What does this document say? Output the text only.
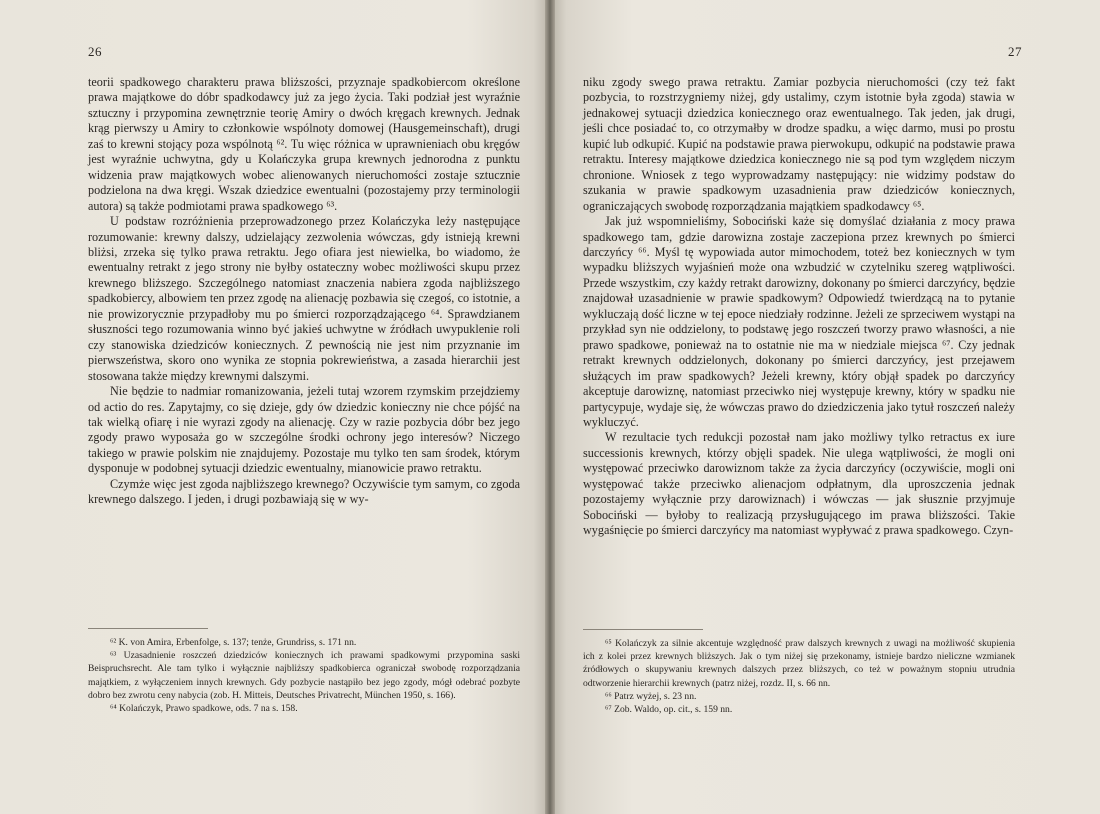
26

teorii spadkowego charakteru prawa bliższości, przyznaje spadkobiercom określone prawa majątkowe do dóbr spadkodawcy już za jego życia. Taki podział jest wyraźnie sztuczny i przypomina zewnętrznie teorię Amiry o dwóch kręgach krewnych. Jednak krąg pierwszy u Amiry to członkowie wspólnoty domowej (Hausgemeinschaft), drugi zaś to krewni stojący poza wspólnotą ⁶². Tu więc różnica w uprawnieniach obu kręgów jest wyraźnie uchwytna, gdy u Kolańczyka grupa krewnych jednorodna z punktu widzenia praw majątkowych wobec alienowanych nieruchomości zostaje sztucznie podzielona na dwa kręgi. Wszak dziedzice ewentualni (pozostajemy przy terminologii autora) są także podmiotami prawa spadkowego ⁶³.

U podstaw rozróżnienia przeprowadzonego przez Kolańczyka leży następujące rozumowanie: krewny dalszy, udzielający zezwolenia wówczas, gdy istnieją krewni bliżsi, zrzeka się tylko prawa retraktu. Jego ofiara jest niewielka, bo wiadomo, że ewentualny retrakt z jego strony nie byłby ostateczny wobec możliwości skupu przez krewnego bliższego. Szczególnego natomiast znaczenia nabiera zgoda najbliższego spadkobiercy, albowiem ten przez zgodę na alienację pozbawia się czegoś, co istotnie, a nie prowizorycznie przypadłoby mu po śmierci rozporządzającego ⁶⁴. Sprawdzianem słuszności tego rozumowania winno być jakieś uchwytne w źródłach uwypuklenie roli czy stanowiska dziedziców koniecznych. Z pewnością nie jest nim przyznanie im pierwszeństwa, skoro ono wynika ze stopnia pokrewieństwa, a zasada hierarchii jest stosowana także między krewnymi dalszymi.

Nie będzie to nadmiar romanizowania, jeżeli tutaj wzorem rzymskim przejdziemy od actio do res. Zapytajmy, co się dzieje, gdy ów dziedzic konieczny nie chce pójść na tak wielką ofiarę i nie wyrazi zgody na alienację. Czy w razie pozbycia dóbr bez jego zgody prawo wyposaża go w szczególne środki ochrony jego interesów? Niczego takiego w prawie polskim nie znajdujemy. Pozostaje mu tylko ten sam środek, którym dysponuje w podobnej sytuacji dziedzic ewentualny, mianowicie prawo retraktu.

Czymże więc jest zgoda najbliższego krewnego? Oczywiście tym samym, co zgoda krewnego dalszego. I jeden, i drugi pozbawiają się w wy-

⁶² K. von Amira, Erbenfolge, s. 137; tenże, Grundriss, s. 171 nn.

⁶³ Uzasadnienie roszczeń dziedziców koniecznych ich prawami spadkowymi przypomina saski Beispruchsrecht. Ale tam tylko i wyłącznie najbliższy spadkobierca ograniczał swobodę rozporządzania majątkiem, z wyłączeniem innych krewnych. Gdy pozbycie nastąpiło bez jego zgody, mógł odebrać pozbyte dobro bez zwrotu ceny nabycia (zob. H. Mitteis, Deutsches Privatrecht, München 1950, s. 166).

⁶⁴ Kolańczyk, Prawo spadkowe, ods. 7 na s. 158.

27

niku zgody swego prawa retraktu. Zamiar pozbycia nieruchomości (czy też fakt pozbycia, to rozstrzygniemy niżej, gdy ustalimy, czym istotnie była zgoda) stawia w jednakowej sytuacji dziedzica koniecznego oraz ewentualnego. Tak jeden, jak drugi, jeśli chce posiadać to, co otrzymałby w drodze spadku, a więc darmo, musi po prostu kupić lub odkupić. Kupić na podstawie prawa pierwokupu, odkupić na podstawie prawa retraktu. Interesy majątkowe dziedzica koniecznego nie są pod tym względem niczym chronione. Wniosek z tego wyprowadzamy następujący: nie widzimy podstaw do szukania w prawie spadkowym uzasadnienia praw dziedziców koniecznych, ograniczających swobodę rozporządzania majątkiem spadkodawcy ⁶⁵.

Jak już wspomnieliśmy, Sobociński każe się domyślać działania z mocy prawa spadkowego tam, gdzie darowizna zostaje zaczepiona przez krewnych po śmierci darczyńcy ⁶⁶. Myśl tę wypowiada autor mimochodem, toteż bez koniecznych w tym wypadku bliższych wyjaśnień może ona wzbudzić w czytelniku szereg wątpliwości. Przede wszystkim, czy każdy retrakt darowizny, dokonany po śmierci darczyńcy, będzie znajdował uzasadnienie w prawie spadkowym? Odpowiedź twierdzącą na to pytanie wykluczają dość liczne w tej epoce niedziały rodzinne. Jeżeli ze sprzeciwem wystąpi na przykład syn nie oddzielony, to podstawę jego roszczeń tworzy prawo własności, a nie prawo spadkowe, ponieważ na to ostatnie nie ma w niedziale miejsca ⁶⁷. Czy jednak retrakt krewnych oddzielonych, dokonany po śmierci darczyńcy, jest przejawem służących im praw spadkowych? Jeżeli krewny, który objął spadek po darczyńcy akceptuje darowiznę, natomiast przeciwko niej występuje krewny, który w spadku nie partycypuje, wydaje się, że wówczas prawo do dziedziczenia jako tytuł roszczeń należy wykluczyć.

W rezultacie tych redukcji pozostał nam jako możliwy tylko retractus ex iure successionis krewnych, którzy objęli spadek. Nie ulega wątpliwości, że mogli oni występować przeciwko darowiznom także za życia darczyńcy (oczywiście, mogli oni występować także przeciwko alienacjom odpłatnym, dla uproszczenia jednak pozostajemy wyłącznie przy darowiznach) i wówczas — jak słusznie przyjmuje Sobociński — byłoby to realizacją przysługującego im prawa bliższości. Takie wygaśnięcie po śmierci darczyńcy ma natomiast wypływać z prawa spadkowego. Czyn-

⁶⁵ Kolańczyk za silnie akcentuje względność praw dalszych krewnych z uwagi na możliwość skupienia ich z kolei przez krewnych bliższych. Jak o tym niżej się przekonamy, istnieje bardzo nieliczne wzmianek źródłowych o skupywaniu krewnych dalszych przez bliższych, co też w poważnym stopniu utrudnia odtworzenie hierarchii krewnych (patrz niżej, rozdz. II, s. 66 nn.

⁶⁶ Patrz wyżej, s. 23 nn.

⁶⁷ Zob. Waldo, op. cit., s. 159 nn.
